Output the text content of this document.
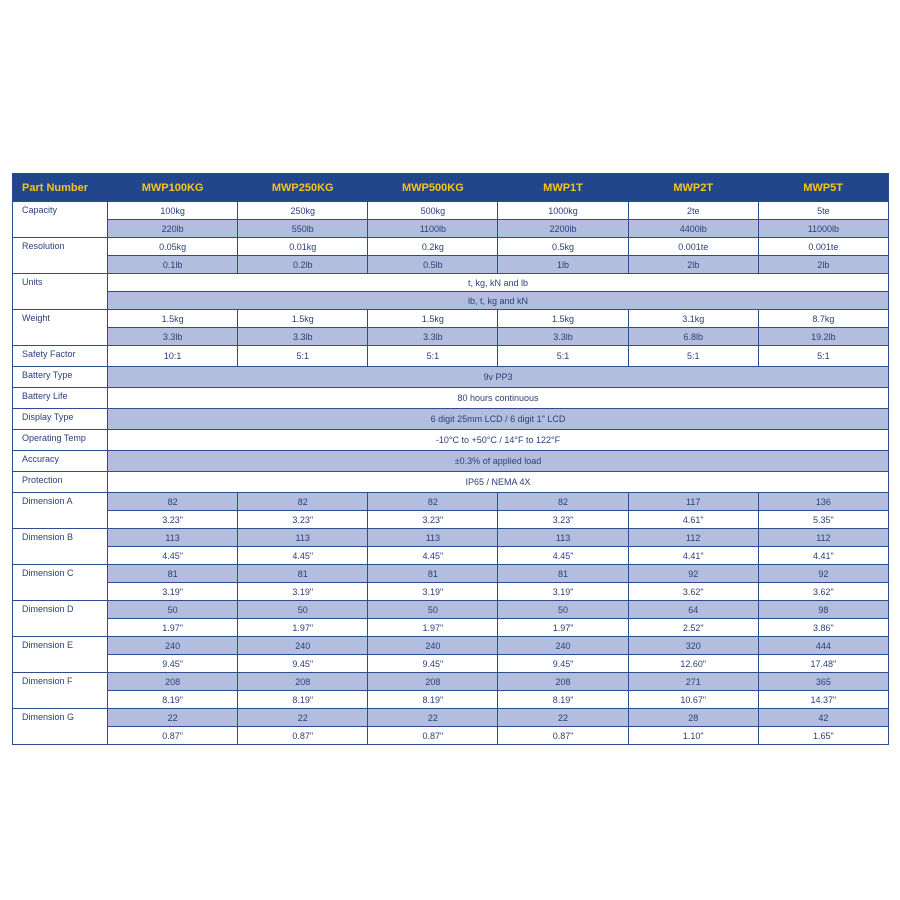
Part Number	MWP100KG	MWP250KG	MWP500KG	MWP1T	MWP2T	MWP5T
Capacity	100kg	250kg	500kg	1000kg	2te	5te
	220lb	550lb	1100lb	2200lb	4400lb	11000lb
Resolution	0.05kg	0.01kg	0.2kg	0.5kg	0.001te	0.001te
	0.1lb	0.2lb	0.5lb	1lb	2lb	2lb
Units	t, kg, kN and lb					
	lb, t, kg and kN					
Weight	1.5kg	1.5kg	1.5kg	1.5kg	3.1kg	8.7kg
	3.3lb	3.3lb	3.3lb	3.3lb	6.8lb	19.2lb
Safety Factor	10:1	5:1	5:1	5:1	5:1	5:1
Battery Type	9v PP3					
Battery Life	80 hours continuous					
Display Type	6 digit 25mm LCD / 6 digit 1" LCD					
Operating Temp	-10°C to +50°C / 14°F to 122°F					
Accuracy	±0.3% of applied load					
Protection	IP65 / NEMA 4X					
Dimension A	82	82	82	82	117	136
	3.23"	3.23"	3.23"	3.23"	4.61"	5.35"
Dimension B	113	113	113	113	112	112
	4.45"	4.45"	4.45"	4.45"	4.41"	4.41"
Dimension C	81	81	81	81	92	92
	3.19"	3.19"	3.19"	3.19"	3.62"	3.62"
Dimension D	50	50	50	50	64	98
	1.97"	1.97"	1.97"	1.97"	2.52"	3.86"
Dimension E	240	240	240	240	320	444
	9.45"	9.45"	9.45"	9.45"	12.60"	17.48"
Dimension F	208	208	208	208	271	365
	8.19"	8.19"	8.19"	8.19"	10.67"	14.37"
Dimension G	22	22	22	22	28	42
	0.87"	0.87"	0.87"	0.87"	1.10"	1.65"
